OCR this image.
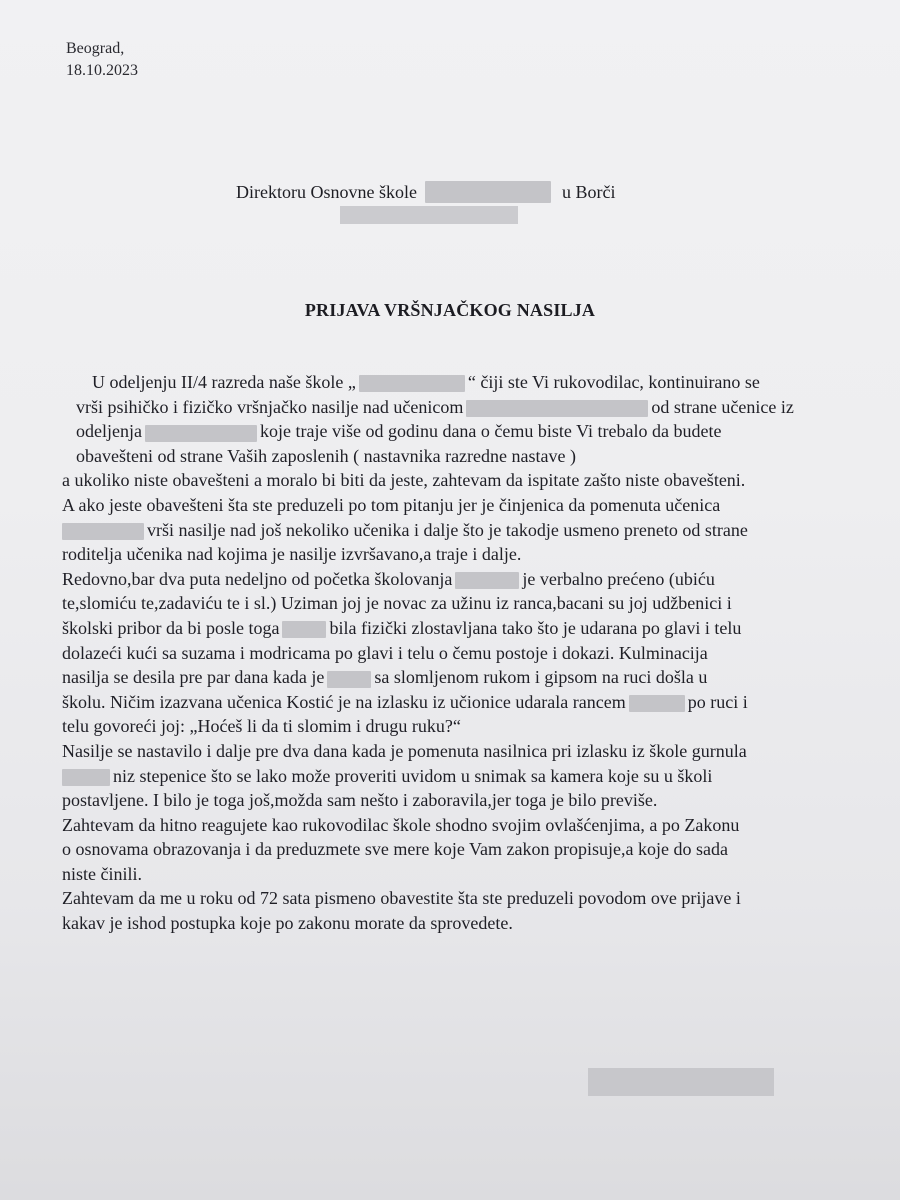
Beograd,
18.10.2023
Direktoru Osnovne škole	u Borči
PRIJAVA VRŠNJAČKOG NASILJA
U odeljenju II/4 razreda naše škole „	“ čiji ste Vi rukovodilac, kontinuirano se
vrši psihičko i fizičko vršnjačko nasilje nad učenicom	od strane učenice iz
odeljenja	koje traje više od godinu dana o čemu biste Vi trebalo da budete
obavešteni od strane Vaših zaposlenih ( nastavnika razredne nastave )
a ukoliko niste obavešteni a moralo bi biti da jeste, zahtevam da ispitate zašto niste obavešteni.
A ako jeste obavešteni šta ste preduzeli po tom pitanju jer je činjenica da pomenuta učenica
vrši nasilje nad još nekoliko učenika i dalje što je takodje usmeno preneto od strane
roditelja učenika nad kojima je nasilje izvršavano,a traje i dalje.
Redovno,bar dva puta nedeljno od početka školovanja	je verbalno prećeno (ubiću
te,slomiću te,zadaviću te i sl.) Uziman joj je novac za užinu iz ranca,bacani su joj udžbenici i
školski pribor da bi posle toga	bila fizički zlostavljana tako što je udarana po glavi i telu
dolazeći kući sa suzama i modricama po glavi i telu o čemu postoje i dokazi. Kulminacija
nasilja se desila pre par dana kada je	sa slomljenom rukom i gipsom na ruci došla u
školu. Ničim izazvana učenica Kostić je na izlasku iz učionice udarala rancem	po ruci i
telu govoreći joj: „Hoćeš li da ti slomim i drugu ruku?“
Nasilje se nastavilo i dalje pre dva dana kada je pomenuta nasilnica pri izlasku iz škole gurnula
niz stepenice što se lako može proveriti uvidom u snimak sa kamera koje su u školi
postavljene. I bilo je toga još,možda sam nešto i zaboravila,jer toga je bilo previše.
Zahtevam da hitno reagujete kao rukovodilac škole shodno svojim ovlašćenjima, a po Zakonu
o osnovama obrazovanja i da preduzmete sve mere koje Vam zakon propisuje,a koje do sada
niste činili.
Zahtevam da me u roku od 72 sata pismeno obavestite šta ste preduzeli povodom ove prijave i
kakav je ishod postupka koje po zakonu morate da sprovedete.
